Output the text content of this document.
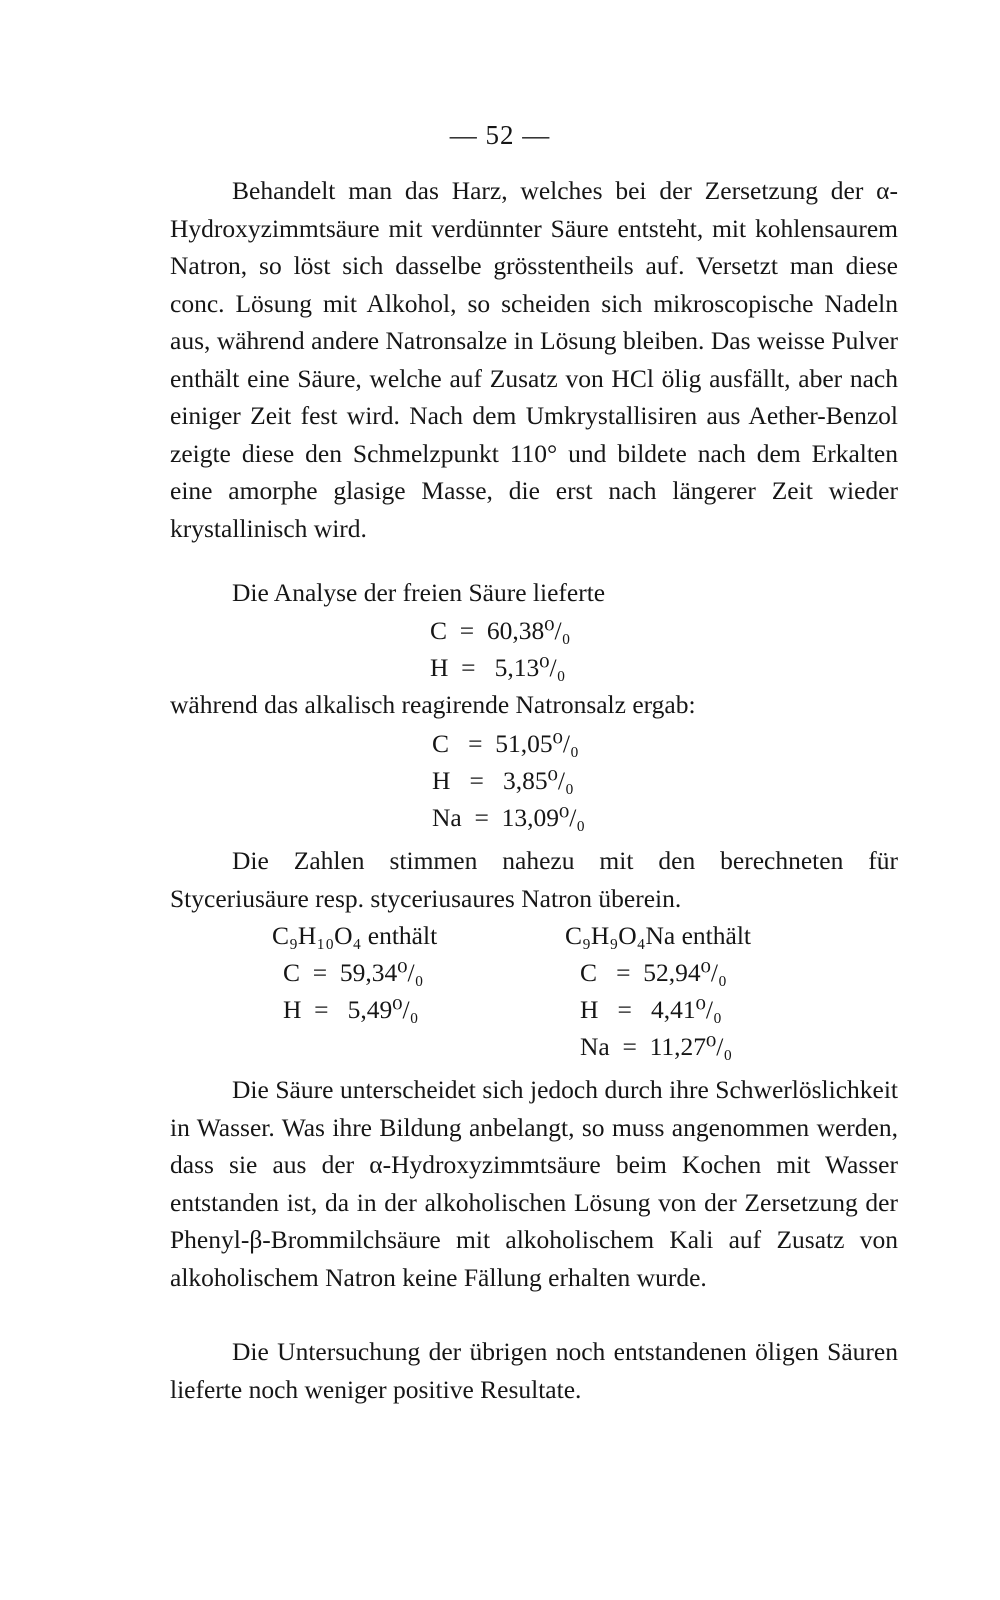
— 52 —

Behandelt man das Harz, welches bei der Zersetzung der α-Hydroxyzimmtsäure mit verdünnter Säure entsteht, mit kohlensaurem Natron, so löst sich dasselbe grösstentheils auf. Versetzt man diese conc. Lösung mit Alkohol, so scheiden sich mikroscopische Nadeln aus, während andere Natronsalze in Lösung bleiben. Das weisse Pulver enthält eine Säure, welche auf Zusatz von HCl ölig ausfällt, aber nach einiger Zeit fest wird. Nach dem Umkrystallisiren aus Aether-Benzol zeigte diese den Schmelzpunkt 110° und bildete nach dem Erkalten eine amorphe glasige Masse, die erst nach längerer Zeit wieder krystallinisch wird.

Die Analyse der freien Säure lieferte
C  =  60,38⁰/₀
H  =   5,13⁰/₀
während das alkalisch reagirende Natronsalz ergab:
C   =  51,05⁰/₀
H   =   3,85⁰/₀
Na  =  13,09⁰/₀

Die Zahlen stimmen nahezu mit den berechneten für Styceriusäure resp. styceriusaures Natron überein.

C₉H₁₀O₄ enthält
C  =  59,34⁰/₀
H  =   5,49⁰/₀
C₉H₉O₄Na enthält
C   =  52,94⁰/₀
H   =   4,41⁰/₀
Na  =  11,27⁰/₀

Die Säure unterscheidet sich jedoch durch ihre Schwerlöslichkeit in Wasser. Was ihre Bildung anbelangt, so muss angenommen werden, dass sie aus der α-Hydroxyzimmtsäure beim Kochen mit Wasser entstanden ist, da in der alkoholischen Lösung von der Zersetzung der Phenyl-β-Brommilchsäure mit alkoholischem Kali auf Zusatz von alkoholischem Natron keine Fällung erhalten wurde.

Die Untersuchung der übrigen noch entstandenen öligen Säuren lieferte noch weniger positive Resultate.
